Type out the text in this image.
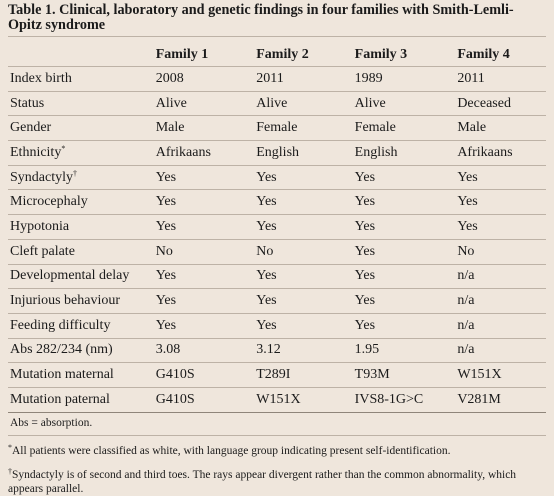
Table 1. Clinical, laboratory and genetic findings in four families with Smith-Lemli-Opitz syndrome
	Family 1	Family 2	Family 3	Family 4
Index birth	2008	2011	1989	2011
Status	Alive	Alive	Alive	Deceased
Gender	Male	Female	Female	Male
Ethnicity*	Afrikaans	English	English	Afrikaans
Syndactyly†	Yes	Yes	Yes	Yes
Microcephaly	Yes	Yes	Yes	Yes
Hypotonia	Yes	Yes	Yes	Yes
Cleft palate	No	No	Yes	No
Developmental delay	Yes	Yes	Yes	n/a
Injurious behaviour	Yes	Yes	Yes	n/a
Feeding difficulty	Yes	Yes	Yes	n/a
Abs 282/234 (nm)	3.08	3.12	1.95	n/a
Mutation maternal	G410S	T289I	T93M	W151X
Mutation paternal	G410S	W151X	IVS8-1G>C	V281M
Abs = absorption.

*All patients were classified as white, with language group indicating present self-identification.

†Syndactyly is of second and third toes. The rays appear divergent rather than the common abnormality, which appears parallel.
